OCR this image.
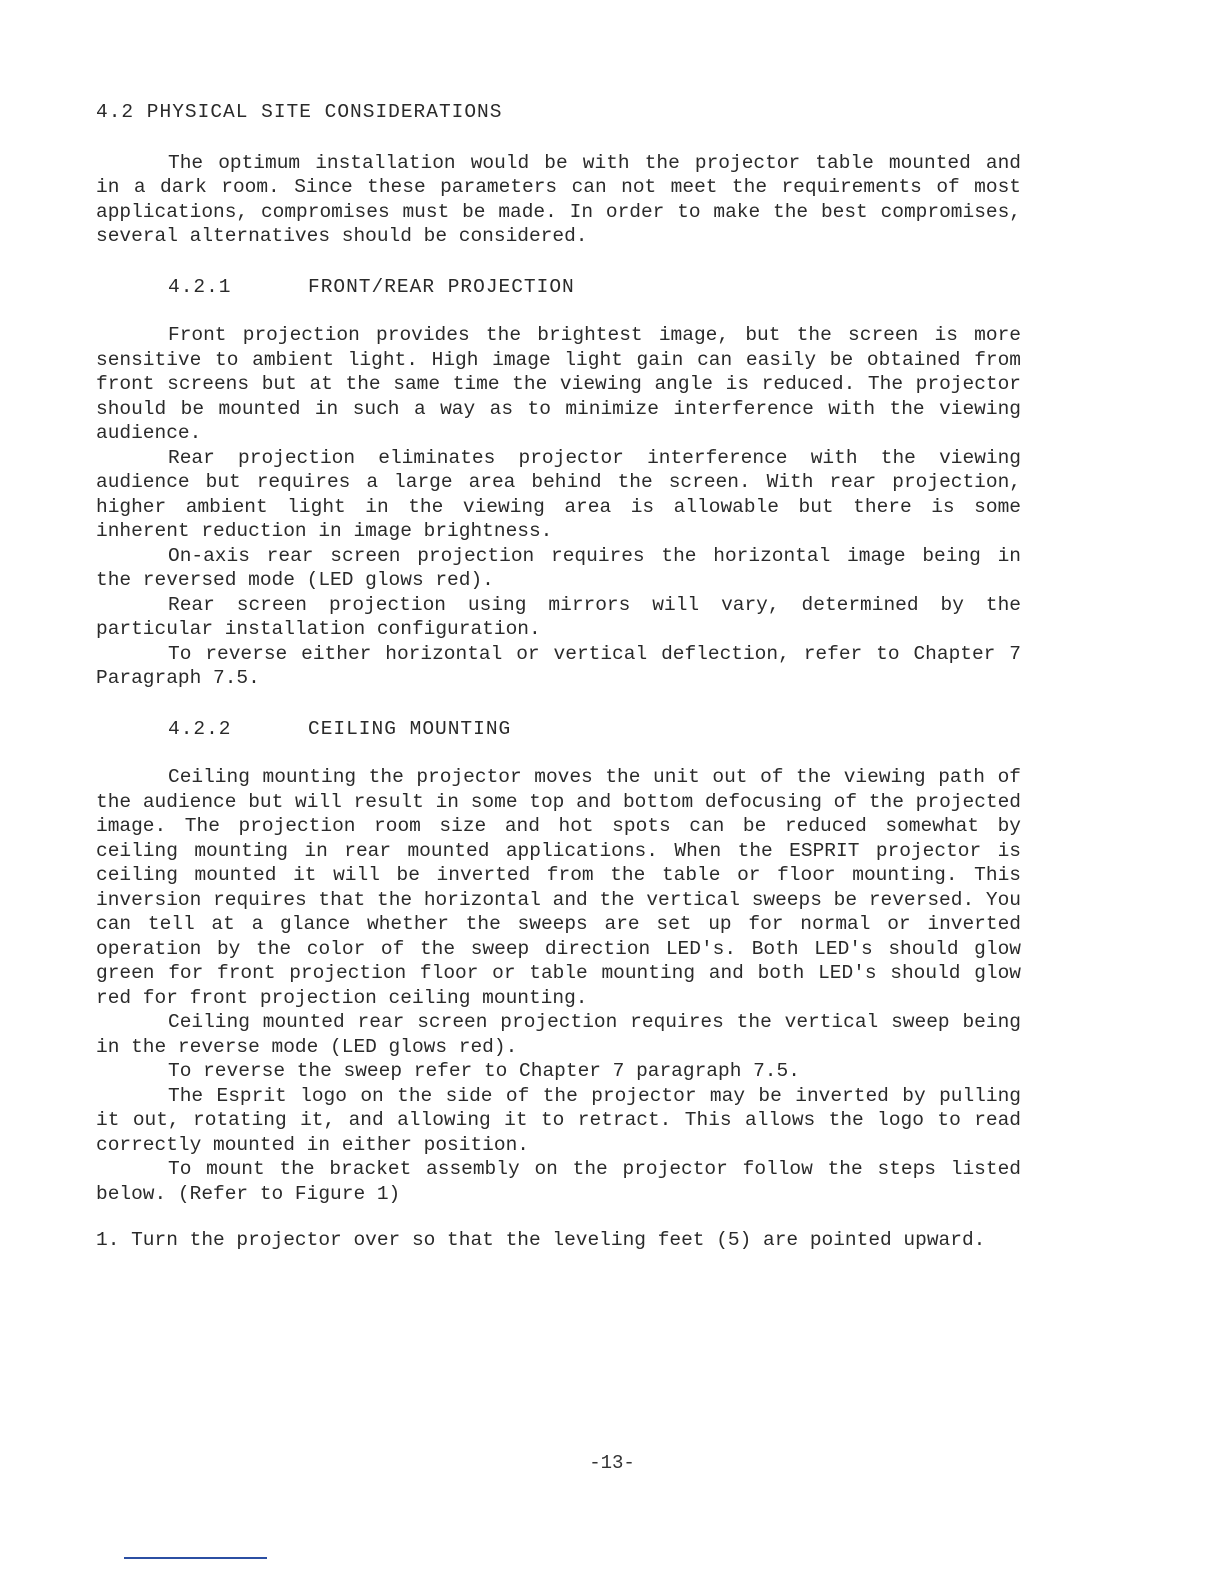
4.2 PHYSICAL SITE CONSIDERATIONS

The optimum installation would be with the projector table mounted and in a dark room. Since these parameters can not meet the requirements of most applications, compromises must be made. In order to make the best compromises, several alternatives should be considered.

4.2.1	FRONT/REAR PROJECTION

Front projection provides the brightest image, but the screen is more sensitive to ambient light. High image light gain can easily be obtained from front screens but at the same time the viewing angle is reduced. The projector should be mounted in such a way as to minimize interference with the viewing audience.

Rear projection eliminates projector interference with the viewing audience but requires a large area behind the screen. With rear projection, higher ambient light in the viewing area is allowable but there is some inherent reduction in image brightness.

On-axis rear screen projection requires the horizontal image being in the reversed mode (LED glows red).

Rear screen projection using mirrors will vary, determined by the particular installation configuration.

To reverse either horizontal or vertical deflection, refer to Chapter 7 Paragraph 7.5.

4.2.2	CEILING MOUNTING

Ceiling mounting the projector moves the unit out of the viewing path of the audience but will result in some top and bottom defocusing of the projected image. The projection room size and hot spots can be reduced somewhat by ceiling mounting in rear mounted applications. When the ESPRIT projector is ceiling mounted it will be inverted from the table or floor mounting. This inversion requires that the horizontal and the vertical sweeps be reversed. You can tell at a glance whether the sweeps are set up for normal or inverted operation by the color of the sweep direction LED's. Both LED's should glow green for front projection floor or table mounting and both LED's should glow red for front projection ceiling mounting.

Ceiling mounted rear screen projection requires the vertical sweep being in the reverse mode (LED glows red).

To reverse the sweep refer to Chapter 7 paragraph 7.5.

The Esprit logo on the side of the projector may be inverted by pulling it out, rotating it, and allowing it to retract. This allows the logo to read correctly mounted in either position.

To mount the bracket assembly on the projector follow the steps listed below. (Refer to Figure 1)

1. Turn the projector over so that the leveling feet (5) are pointed upward.

-13-
